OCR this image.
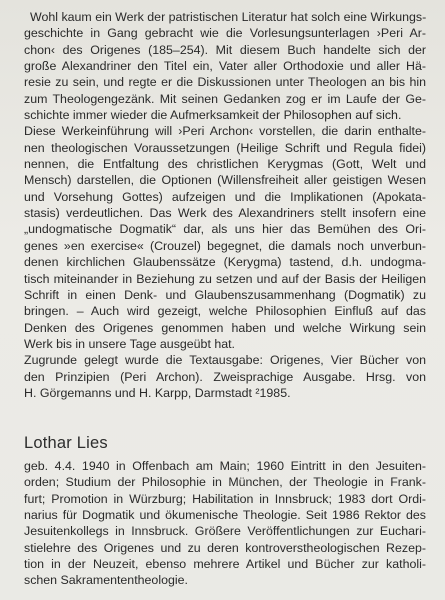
Wohl kaum ein Werk der patristischen Literatur hat solch eine Wirkungs-
geschichte in Gang gebracht wie die Vorlesungsunterlagen ›Peri Ar-
chon‹ des Origenes (185–254). Mit diesem Buch handelte sich der
große Alexandriner den Titel ein, Vater aller Orthodoxie und aller Hä-
resie zu sein, und regte er die Diskussionen unter Theologen an bis hin
zum Theologengezänk. Mit seinen Gedanken zog er im Laufe der Ge-
schichte immer wieder die Aufmerksamkeit der Philosophen auf sich.
Diese Werkeinführung will ›Peri Archon‹ vorstellen, die darin enthalte-
nen theologischen Voraussetzungen (Heilige Schrift und Regula fidei)
nennen, die Entfaltung des christlichen Kerygmas (Gott, Welt und
Mensch) darstellen, die Optionen (Willensfreiheit aller geistigen Wesen
und Vorsehung Gottes) aufzeigen und die Implikationen (Apokata-
stasis) verdeutlichen. Das Werk des Alexandriners stellt insofern eine
„undogmatische Dogmatik“ dar, als uns hier das Bemühen des Ori-
genes »en exercise« (Crouzel) begegnet, die damals noch unverbun-
denen kirchlichen Glaubenssätze (Kerygma) tastend, d.h. undogma-
tisch miteinander in Beziehung zu setzen und auf der Basis der Heiligen
Schrift in einen Denk- und Glaubenszusammenhang (Dogmatik) zu
bringen. – Auch wird gezeigt, welche Philosophien Einfluß auf das
Denken des Origenes genommen haben und welche Wirkung sein
Werk bis in unsere Tage ausgeübt hat.
Zugrunde gelegt wurde die Textausgabe: Origenes, Vier Bücher von
den Prinzipien (Peri Archon). Zweisprachige Ausgabe. Hrsg. von
H. Görgemanns und H. Karpp, Darmstadt ²1985.
Lothar Lies
geb. 4.4. 1940 in Offenbach am Main; 1960 Eintritt in den Jesuiten-
orden; Studium der Philosophie in München, der Theologie in Frank-
furt; Promotion in Würzburg; Habilitation in Innsbruck; 1983 dort Ordi-
narius für Dogmatik und ökumenische Theologie. Seit 1986 Rektor des
Jesuitenkollegs in Innsbruck. Größere Veröffentlichungen zur Euchari-
stielehre des Origenes und zu deren kontroverstheologischen Rezep-
tion in der Neuzeit, ebenso mehrere Artikel und Bücher zur katholi-
schen Sakramententheologie.
